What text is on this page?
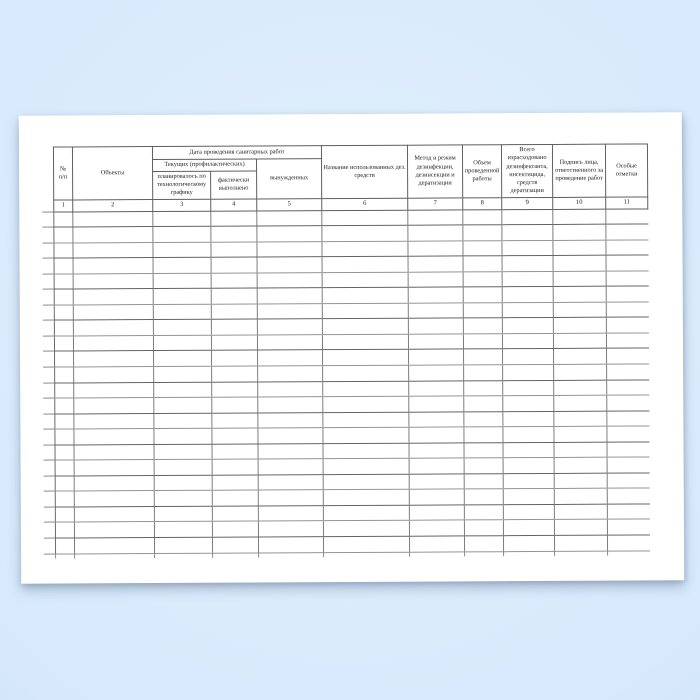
№
п/п	Объекты	Дата проведения санитарных работ			Название использованных дез. средств	Метод и режим дезинфекции, дезинсекции и дератизации	Объем проведенной работы	Всего израсходовано дезинфектанта, инсектицида, средств дератизации	Подпись лица, ответственного за проведение работ	Особые отметки
		Текущих (профилактических)		вынужденных						
		планировалось по технологическому графику	фактически выполнено							
1	2	3	4	5	6	7	8	9	10	11
